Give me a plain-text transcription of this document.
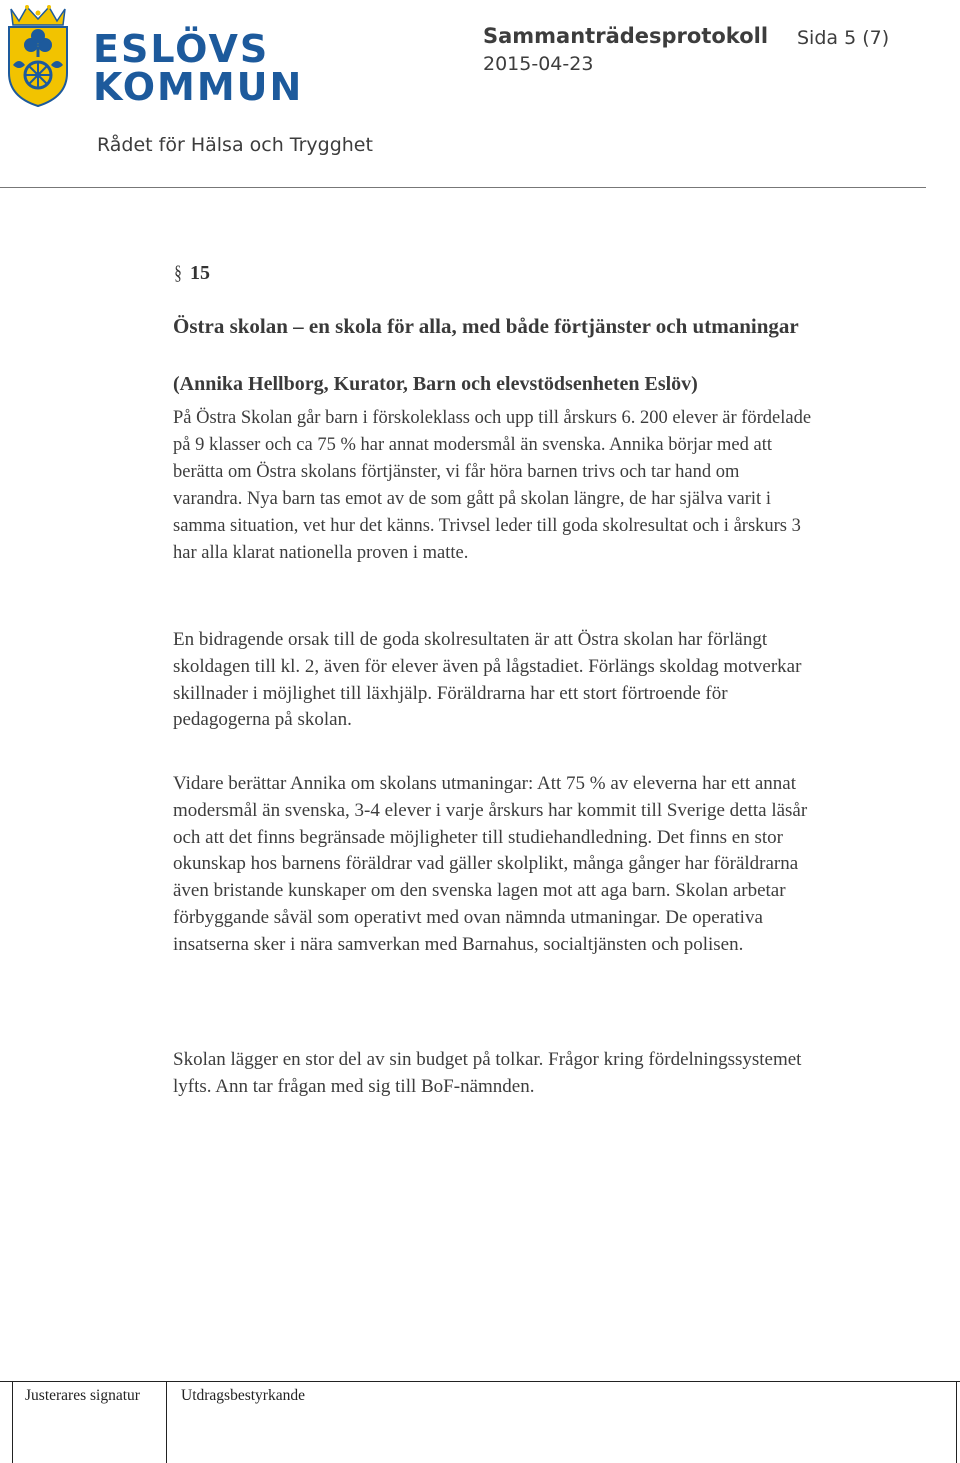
ESLÖVS
KOMMUN
Sammanträdesprotokoll Sida 5 (7)
2015-04-23
Rådet för Hälsa och Trygghet
§ 15
Östra skolan – en skola för alla, med både förtjänster och utmaningar
(Annika Hellborg, Kurator, Barn och elevstödsenheten Eslöv)
På Östra Skolan går barn i förskoleklass och upp till årskurs 6. 200 elever är fördelade på 9 klasser och ca 75 % har annat modersmål än svenska. Annika börjar med att berätta om Östra skolans förtjänster, vi får höra barnen trivs och tar hand om varandra. Nya barn tas emot av de som gått på skolan längre, de har själva varit i samma situation, vet hur det känns. Trivsel leder till goda skolresultat och i årskurs 3 har alla klarat nationella proven i matte.
En bidragende orsak till de goda skolresultaten är att Östra skolan har förlängt skoldagen till kl. 2, även för elever även på lågstadiet. Förlängs skoldag motverkar skillnader i möjlighet till läxhjälp. Föräldrarna har ett stort förtroende för pedagogerna på skolan.
Vidare berättar Annika om skolans utmaningar: Att 75 % av eleverna har ett annat modersmål än svenska, 3-4 elever i varje årskurs har kommit till Sverige detta läsår och att det finns begränsade möjligheter till studiehandledning. Det finns en stor okunskap hos barnens föräldrar vad gäller skolplikt, många gånger har föräldrarna även bristande kunskaper om den svenska lagen mot att aga barn. Skolan arbetar förbyggande såväl som operativt med ovan nämnda utmaningar. De operativa insatserna sker i nära samverkan med Barnahus, socialtjänsten och polisen.
Skolan lägger en stor del av sin budget på tolkar. Frågor kring fördelningssystemet lyfts. Ann tar frågan med sig till BoF-nämnden.
Justerares signatur	Utdragsbestyrkande
